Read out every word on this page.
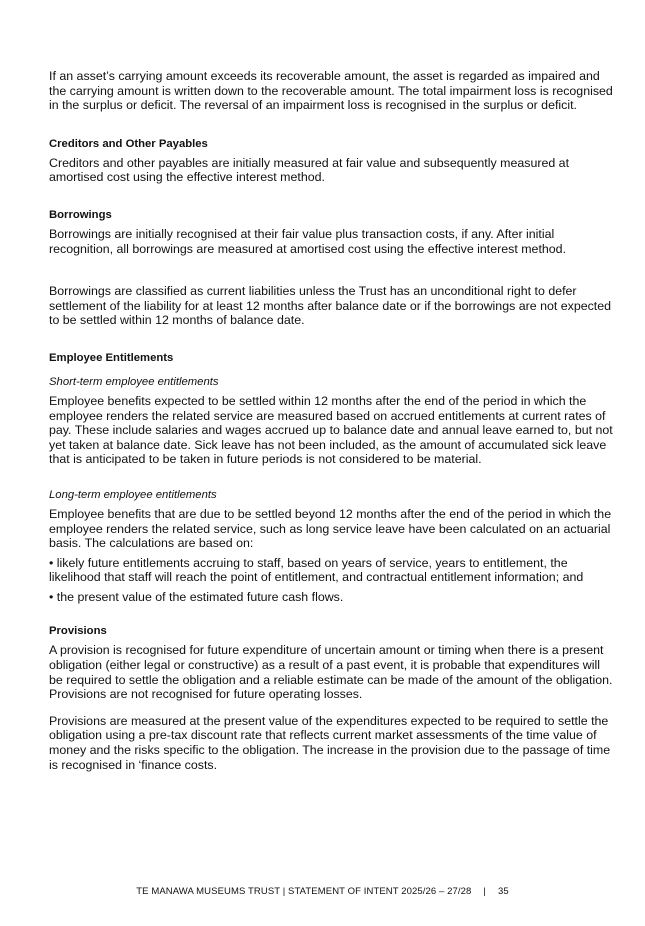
If an asset’s carrying amount exceeds its recoverable amount, the asset is regarded as impaired and the carrying amount is written down to the recoverable amount. The total impairment loss is recognised in the surplus or deficit. The reversal of an impairment loss is recognised in the surplus or deficit.

Creditors and Other Payables

Creditors and other payables are initially measured at fair value and subsequently measured at amortised cost using the effective interest method.

Borrowings

Borrowings are initially recognised at their fair value plus transaction costs, if any. After initial recognition, all borrowings are measured at amortised cost using the effective interest method.

Borrowings are classified as current liabilities unless the Trust has an unconditional right to defer settlement of the liability for at least 12 months after balance date or if the borrowings are not expected to be settled within 12 months of balance date.

Employee Entitlements
Short-term employee entitlements

Employee benefits expected to be settled within 12 months after the end of the period in which the employee renders the related service are measured based on accrued entitlements at current rates of pay. These include salaries and wages accrued up to balance date and annual leave earned to, but not yet taken at balance date. Sick leave has not been included, as the amount of accumulated sick leave that is anticipated to be taken in future periods is not considered to be material.

Long-term employee entitlements

Employee benefits that are due to be settled beyond 12 months after the end of the period in which the employee renders the related service, such as long service leave have been calculated on an actuarial basis. The calculations are based on:

• likely future entitlements accruing to staff, based on years of service, years to entitlement, the likelihood that staff will reach the point of entitlement, and contractual entitlement information; and

• the present value of the estimated future cash flows.

Provisions

A provision is recognised for future expenditure of uncertain amount or timing when there is a present obligation (either legal or constructive) as a result of a past event, it is probable that expenditures will be required to settle the obligation and a reliable estimate can be made of the amount of the obligation. Provisions are not recognised for future operating losses.

Provisions are measured at the present value of the expenditures expected to be required to settle the obligation using a pre-tax discount rate that reflects current market assessments of the time value of money and the risks specific to the obligation. The increase in the provision due to the passage of time is recognised in ‘finance costs.

TE MANAWA MUSEUMS TRUST | STATEMENT OF INTENT 2025/26 – 27/28 | 35
